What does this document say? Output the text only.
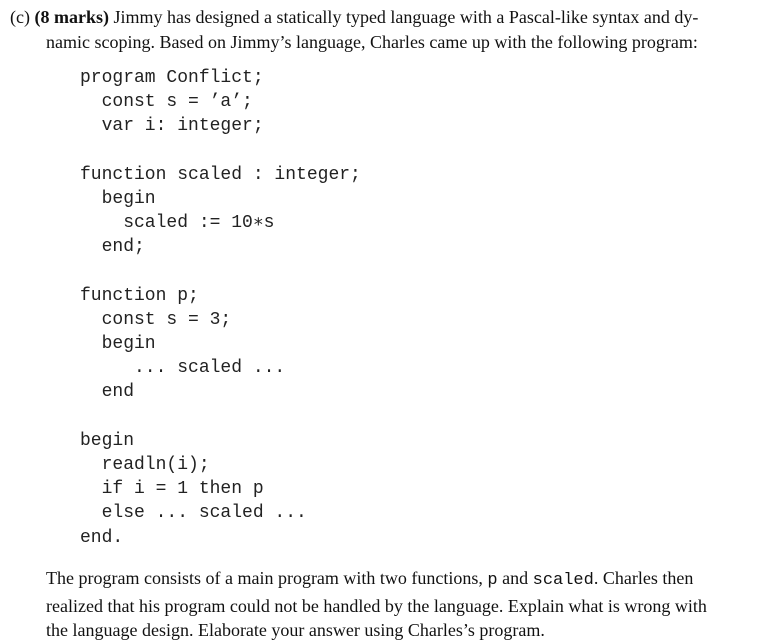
(c) (8 marks) Jimmy has designed a statically typed language with a Pascal-like syntax and dy-
namic scoping. Based on Jimmy’s language, Charles came up with the following program:

program Conflict;
const s = ’a’;
var i: integer;
function scaled : integer;
begin
scaled := 10∗s
end;
function p;
const s = 3;
begin
... scaled ...
end
begin
readln(i);
if i = 1 then p
else ... scaled ...
end.

The program consists of a main program with two functions, p and scaled. Charles then
realized that his program could not be handled by the language. Explain what is wrong with
the language design. Elaborate your answer using Charles’s program.
